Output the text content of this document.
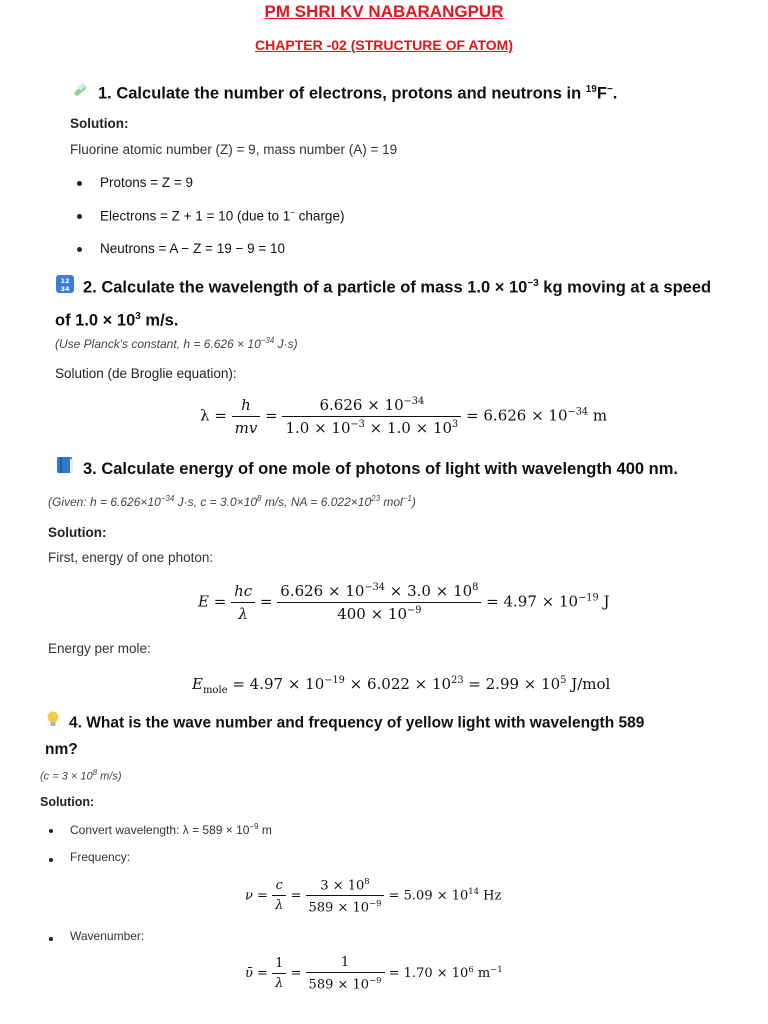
PM SHRI KV NABARANGPUR
CHAPTER -02 (STRUCTURE OF ATOM)
1. Calculate the number of electrons, protons and neutrons in $^{19}$F−.
Solution:
Fluorine atomic number (Z) = 9, mass number (A) = 19
Protons = Z = 9
Electrons = Z + 1 = 10 (due to 1− charge)
Neutrons = A − Z = 19 − 9 = 10
12
34 2. Calculate the wavelength of a particle of mass $1.0 \times 10^{-3}$ kg moving at a speed
of $1.0 \times 10^3$ m/s.
(Use Planck's constant, $h = 6.626 \times 10^{-34}$ J·s)
Solution (de Broglie equation):
$\lambda = \frac{h}{mv} = \frac{6.626 \times 10^{-34}}{1.0 \times 10^{-3} \times 1.0 \times 10^3} = 6.626 \times 10^{-34}$ m
3. Calculate energy of one mole of photons of light with wavelength 400 nm.
(Given: $h = 6.626\times 10^{-34}$ J·s, $c = 3.0\times 10^8$ m/s, NA = $6.022\times 10^{23}$ mol$^{-1}$)
Solution:
First, energy of one photon:
$E = \frac{hc}{\lambda} = \frac{6.626 \times 10^{-34} \times 3.0 \times 10^8}{400 \times 10^{-9}} = 4.97 \times 10^{-19}$ J
Energy per mole:
$E_{mole} = 4.97 \times 10^{-19} \times 6.022 \times 10^{23} = 2.99 \times 10^5$ J/mol
4. What is the wave number and frequency of yellow light with wavelength 589
nm?
($c = 3 \times 10^8$ m/s)
Solution:
Convert wavelength: $\lambda = 589 \times 10^{-9}$ m
Frequency:
$\nu = \frac{c}{\lambda} = \frac{3 \times 10^8}{589 \times 10^{-9}} = 5.09 \times 10^{14}$ Hz
Wavenumber:
ῡ = $\frac{1}{\lambda} = \frac{1}{589 \times 10^{-9}} = 1.70 \times 10^6$ $m^{-1}$
